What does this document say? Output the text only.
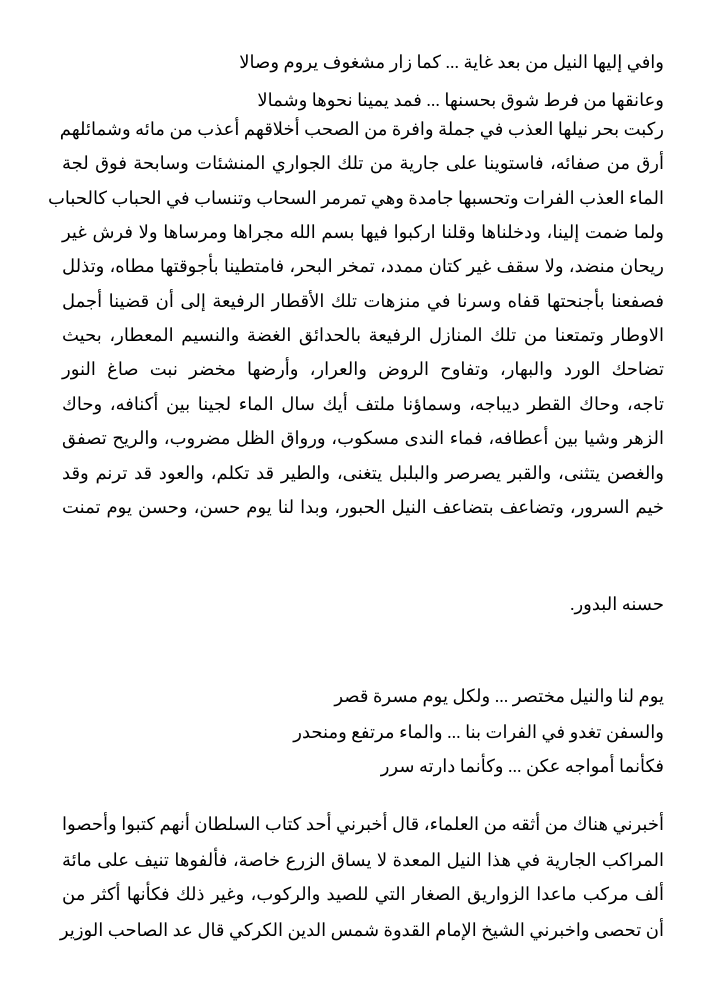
وافي إليها النيل من بعد غاية ... كما زار مشغوف يروم وصالا
وعانقها من فرط شوق بحسنها ... فمد يمينا نحوها وشمالا
ركبت بحر نيلها العذب في جملة وافرة من الصحب أخلاقهم أعذب من مائه وشمائلهم
أرق من صفائه، فاستوينا على جارية من تلك الجواري المنشئات وسابحة فوق لجة
الماء العذب الفرات وتحسبها جامدة وهي تمرمر السحاب وتنساب في الحباب كالحباب
ولما ضمت إلينا، ودخلناها وقلنا اركبوا فيها بسم الله مجراها ومرساها ولا فرش غير
ريحان منضد، ولا سقف غير كتان ممدد، تمخر البحر، فامتطينا بأجوقتها مطاه، وتذلل
فصفعنا بأجنحتها قفاه وسرنا في منزهات تلك الأقطار الرفيعة إلى أن قضينا أجمل
الاوطار وتمتعنا من تلك المنازل الرفيعة بالحدائق الغضة والنسيم المعطار، بحيث
تضاحك الورد والبهار، وتفاوح الروض والعرار، وأرضها مخضر نبت صاغ النور
تاجه، وحاك القطر ديباجه، وسماؤنا ملتف أيك سال الماء لجينا بين أكنافه، وحاك
الزهر وشيا بين أعطافه، فماء الندى مسكوب، ورواق الظل مضروب، والريح تصفق
والغصن يتثنى، والقبر يصرصر والبلبل يتغنى، والطير قد تكلم، والعود قد ترنم وقد
خيم السرور، وتضاعف بتضاعف النيل الحبور، وبدا لنا يوم حسن، وحسن يوم تمنت
حسنه البدور.
يوم لنا والنيل مختصر ... ولكل يوم مسرة قصر
والسفن تغدو في الفرات بنا ... والماء مرتفع ومنحدر
فكأنما أمواجه عكن ... وكأنما دارته سرر
أخبرني هناك من أثقه من العلماء، قال أخبرني أحد كتاب السلطان أنهم كتبوا وأحصوا
المراكب الجارية في هذا النيل المعدة لا يساق الزرع خاصة، فألفوها تنيف على مائة
ألف مركب ماعدا الزواريق الصغار التي للصيد والركوب، وغير ذلك فكأنها أكثر من
أن تحصى واخبرني الشيخ الإمام القدوة شمس الدين الكركي قال عد الصاحب الوزير
